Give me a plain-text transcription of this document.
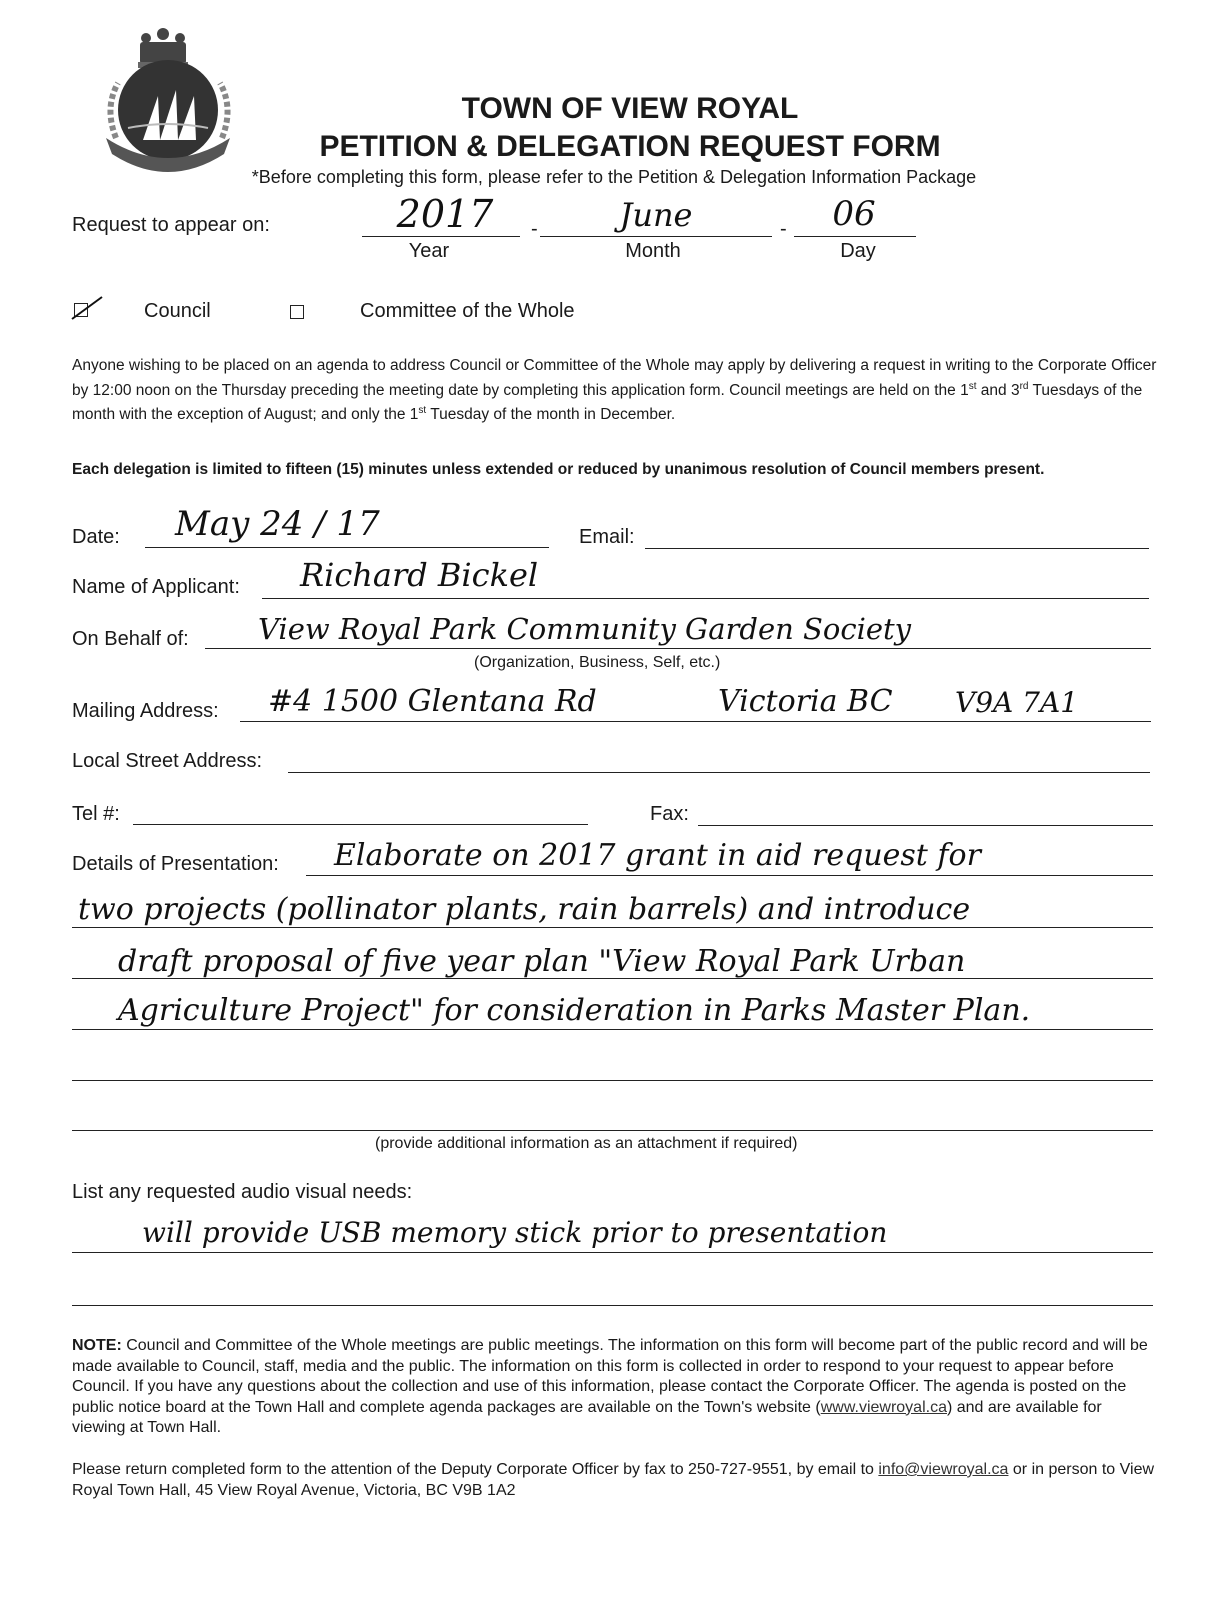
TOWN OF VIEW ROYAL
PETITION & DELEGATION REQUEST FORM
*Before completing this form, please refer to the Petition & Delegation Information Package
Request to appear on:	2017	-	June	-	06
Year	Month	Day
Council	Committee of the Whole
Anyone wishing to be placed on an agenda to address Council or Committee of the Whole may apply by delivering a request in writing to the Corporate Officer by 12:00 noon on the Thursday preceding the meeting date by completing this application form. Council meetings are held on the 1st and 3rd Tuesdays of the month with the exception of August; and only the 1st Tuesday of the month in December.
Each delegation is limited to fifteen (15) minutes unless extended or reduced by unanimous resolution of Council members present.
Date: May 24 / 17	Email:
Name of Applicant: Richard Bickel
On Behalf of: View Royal Park Community Garden Society
(Organization, Business, Self, etc.)
Mailing Address: #4 1500 Glentana Rd	Victoria BC V9A 7A1
Local Street Address:
Tel #:	Fax:
Details of Presentation: Elaborate on 2017 grant in aid request for
two projects (pollinator plants, rain barrels) and introduce
draft proposal of five year plan "View Royal Park Urban
Agriculture Project" for consideration in Parks Master Plan.
(provide additional information as an attachment if required)
List any requested audio visual needs:
will provide USB memory stick prior to presentation
NOTE: Council and Committee of the Whole meetings are public meetings. The information on this form will become part of the public record and will be made available to Council, staff, media and the public. The information on this form is collected in order to respond to your request to appear before Council. If you have any questions about the collection and use of this information, please contact the Corporate Officer. The agenda is posted on the public notice board at the Town Hall and complete agenda packages are available on the Town's website (www.viewroyal.ca) and are available for viewing at Town Hall.
Please return completed form to the attention of the Deputy Corporate Officer by fax to 250-727-9551, by email to info@viewroyal.ca or in person to View Royal Town Hall, 45 View Royal Avenue, Victoria, BC V9B 1A2
